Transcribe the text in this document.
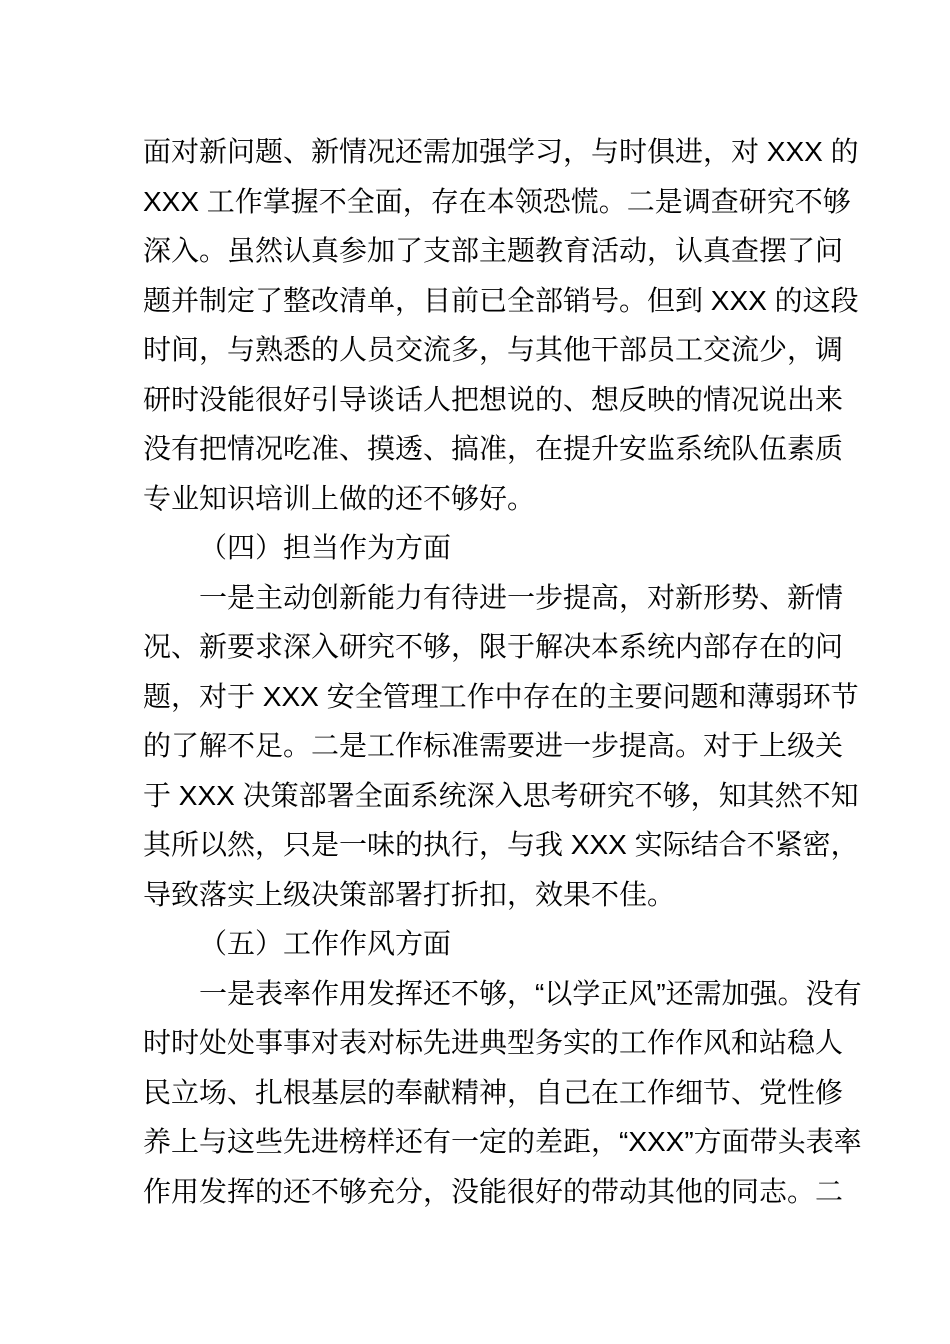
面对新问题、新情况还需加强学习，与时俱进，对 XXX 的
XXX 工作掌握不全面，存在本领恐慌。二是调查研究不够
深入。虽然认真参加了支部主题教育活动，认真查摆了问
题并制定了整改清单，目前已全部销号。但到 XXX 的这段
时间，与熟悉的人员交流多，与其他干部员工交流少，调
研时没能很好引导谈话人把想说的、想反映的情况说出来
没有把情况吃准、摸透、搞准，在提升安监系统队伍素质
专业知识培训上做的还不够好。
（四）担当作为方面
一是主动创新能力有待进一步提高，对新形势、新情
况、新要求深入研究不够，限于解决本系统内部存在的问
题，对于 XXX 安全管理工作中存在的主要问题和薄弱环节
的了解不足。二是工作标准需要进一步提高。对于上级关
于 XXX 决策部署全面系统深入思考研究不够，知其然不知
其所以然，只是一味的执行，与我 XXX 实际结合不紧密，
导致落实上级决策部署打折扣，效果不佳。
（五）工作作风方面
一是表率作用发挥还不够，“以学正风”还需加强。没有
时时处处事事对表对标先进典型务实的工作作风和站稳人
民立场、扎根基层的奉献精神，自己在工作细节、党性修
养上与这些先进榜样还有一定的差距，“XXX”方面带头表率
作用发挥的还不够充分，没能很好的带动其他的同志。二
